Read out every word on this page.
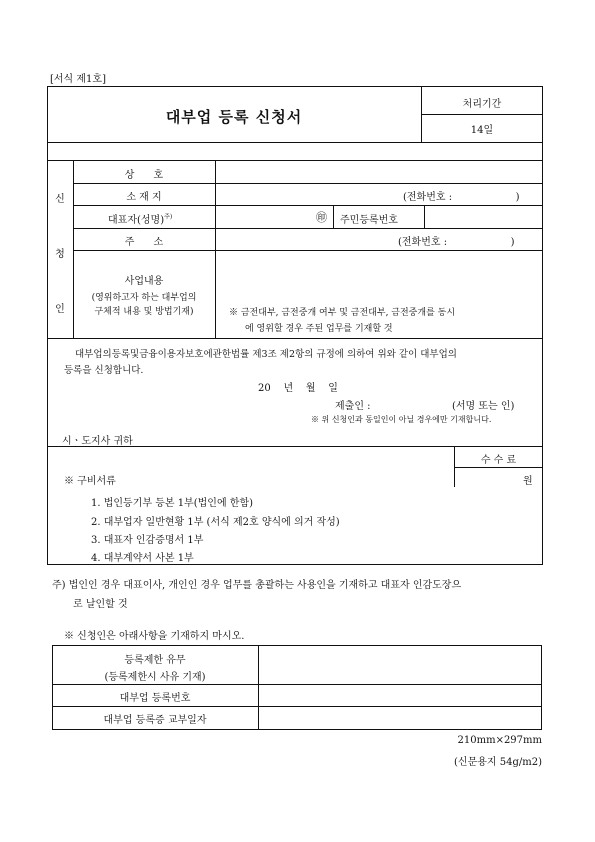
[서식 제1호]
대부업 등록 신청서
처리기간
14일
신
청
인
상      호
소 재 지	(전화번호 :                    )
대표자(성명)$^{주)}$	㊞ 주민등록번호
주      소	(전화번호 :                    )
사업내용
(영위하고자 하는 대부업의
구체적 내용 및 방법기재)	※ 금전대부, 금전중개 여부 및 금전대부, 금전중개를 동시
에 영위할 경우 주된 업무를 기재할 것
대부업의등록및금융이용자보호에관한법률 제3조 제2항의 규정에 의하여 위와 같이 대부업의
등록을 신청합니다.
20    년    월    일
제출인 :	(서명 또는 인)
※ 위 신청인과 동일인이 아닐 경우에만 기재합니다.
시ㆍ도지사 귀하
수 수 료
원
※ 구비서류
1. 법인등기부 등본 1부(법인에 한함)
2. 대부업자 일반현황 1부 (서식 제2호 양식에 의거 작성)
3. 대표자 인감증명서 1부
4. 대부계약서 사본 1부
주) 법인인 경우 대표이사, 개인인 경우 업무를 총괄하는 사용인을 기재하고 대표자 인감도장으
로 날인할 것
※ 신청인은 아래사항을 기재하지 마시오.
등록제한 유무
(등록제한시 사유 기재)
대부업 등록번호
대부업 등록증 교부일자
210mm×297mm
(신문용지 54g/m2)
